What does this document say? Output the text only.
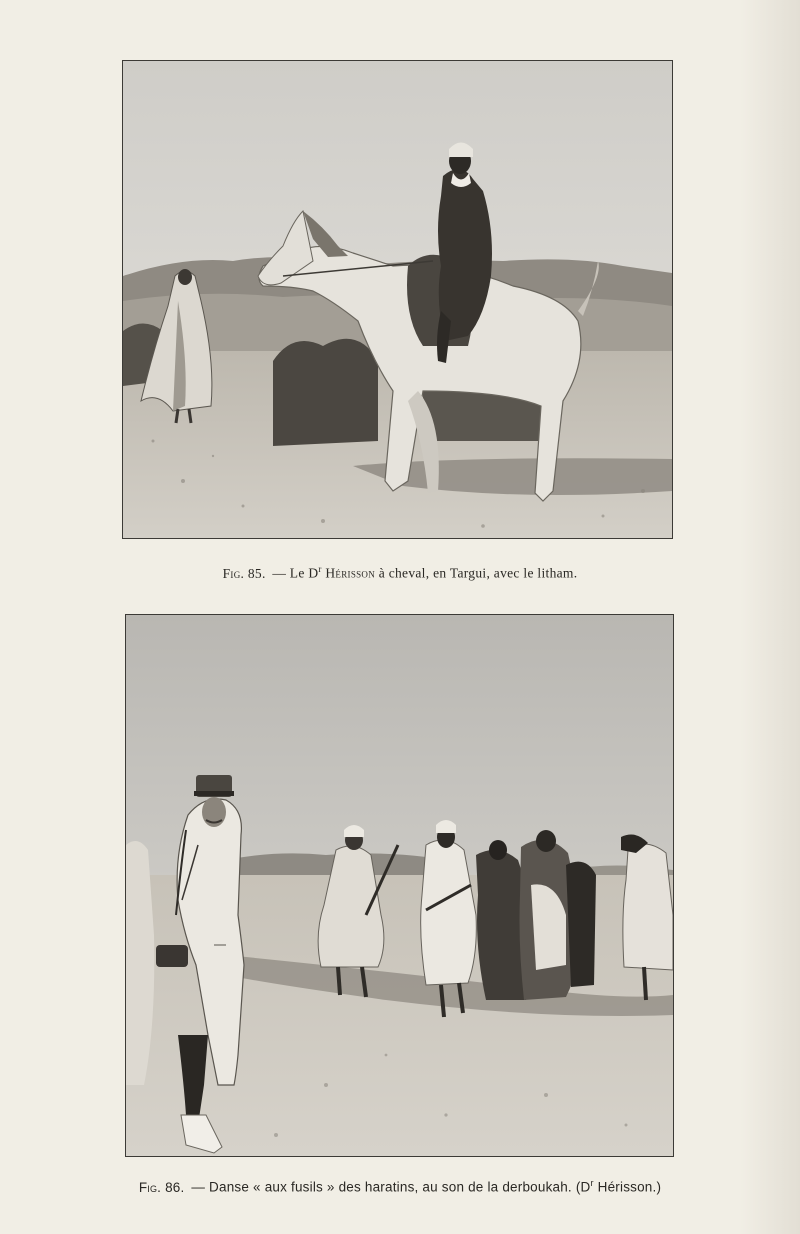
Fig. 85. — Le $D^r$ Hérisson à cheval, en Targui, avec le litham.
Fig. 86. — Danse « aux fusils » des haratins, au son de la derboukah. ($D^r$ Hérisson.)
